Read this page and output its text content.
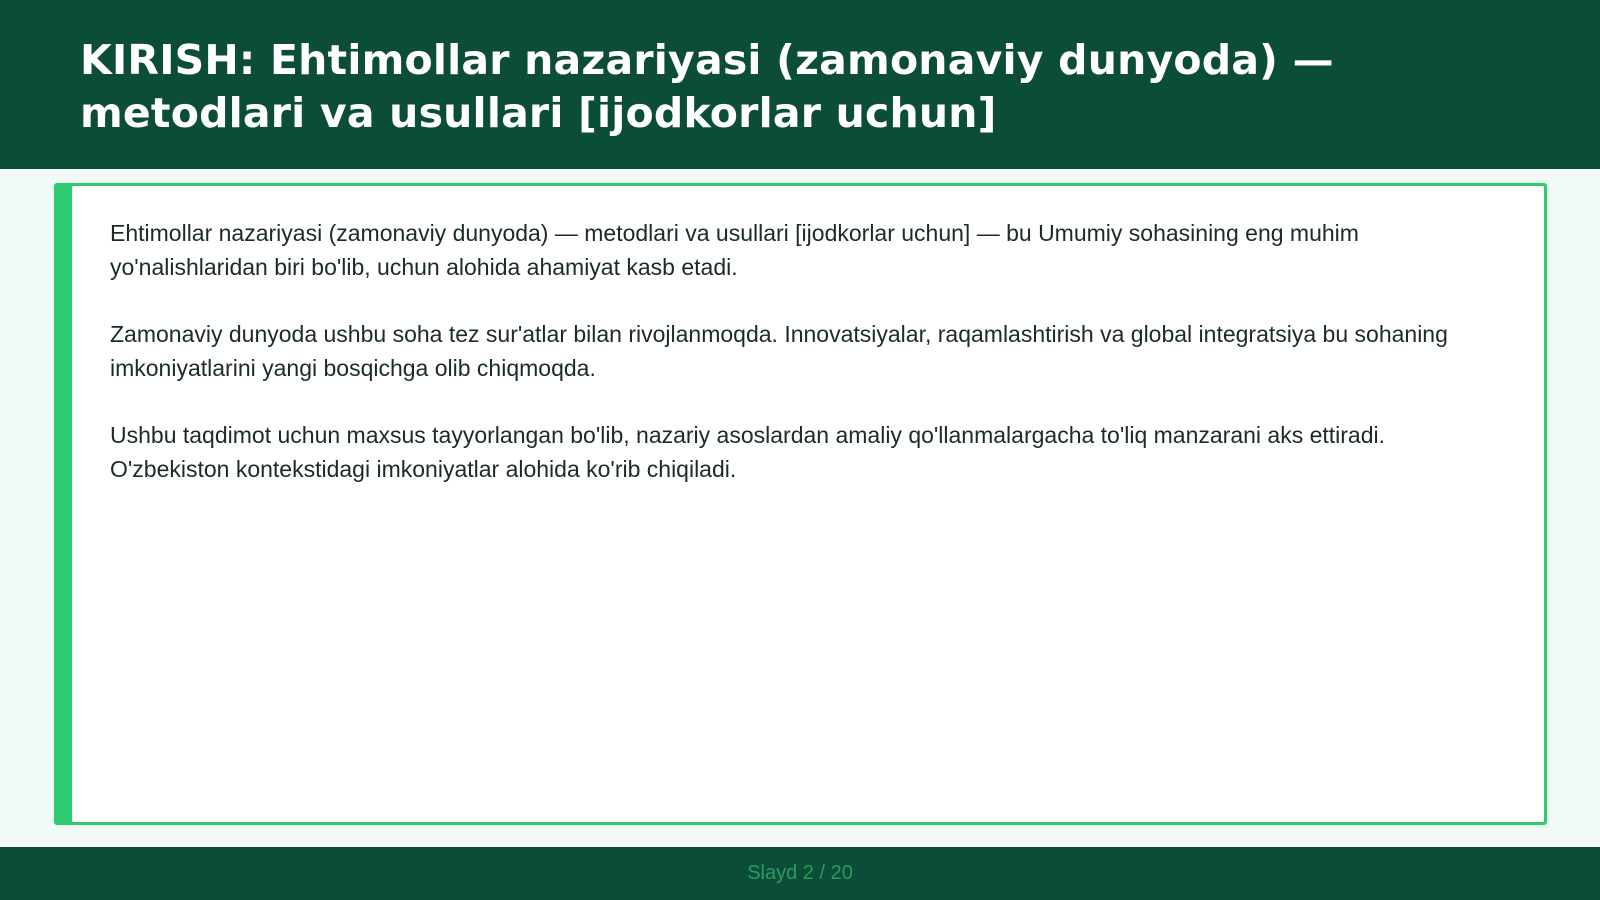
KIRISH: Ehtimollar nazariyasi (zamonaviy dunyoda) — metodlari va usullari [ijodkorlar uchun]

Ehtimollar nazariyasi (zamonaviy dunyoda) — metodlari va usullari [ijodkorlar uchun] — bu Umumiy sohasining eng muhim yo'nalishlaridan biri bo'lib, uchun alohida ahamiyat kasb etadi.

Zamonaviy dunyoda ushbu soha tez sur'atlar bilan rivojlanmoqda. Innovatsiyalar, raqamlashtirish va global integratsiya bu sohaning imkoniyatlarini yangi bosqichga olib chiqmoqda.

Ushbu taqdimot uchun maxsus tayyorlangan bo'lib, nazariy asoslardan amaliy qo'llanmalargacha to'liq manzarani aks ettiradi. O'zbekiston kontekstidagi imkoniyatlar alohida ko'rib chiqiladi.

Slayd 2 / 20
